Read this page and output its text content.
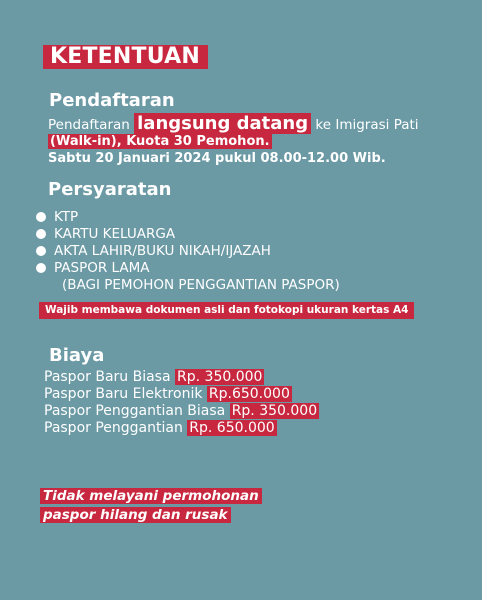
KETENTUAN
Pendaftaran
Pendaftaran langsung datang ke Imigrasi Pati
(Walk-in), Kuota 30 Pemohon.
Sabtu 20 Januari 2024 pukul 08.00-12.00 Wib.
Persyaratan
KTP
KARTU KELUARGA
AKTA LAHIR/BUKU NIKAH/IJAZAH
PASPOR LAMA
(BAGI PEMOHON PENGGANTIAN PASPOR)
Wajib membawa dokumen asli dan fotokopi ukuran kertas A4
Biaya
Paspor Baru Biasa Rp. 350.000
Paspor Baru Elektronik Rp.650.000
Paspor Penggantian Biasa Rp. 350.000
Paspor Penggantian Rp. 650.000
Tidak melayani permohonan
paspor hilang dan rusak
